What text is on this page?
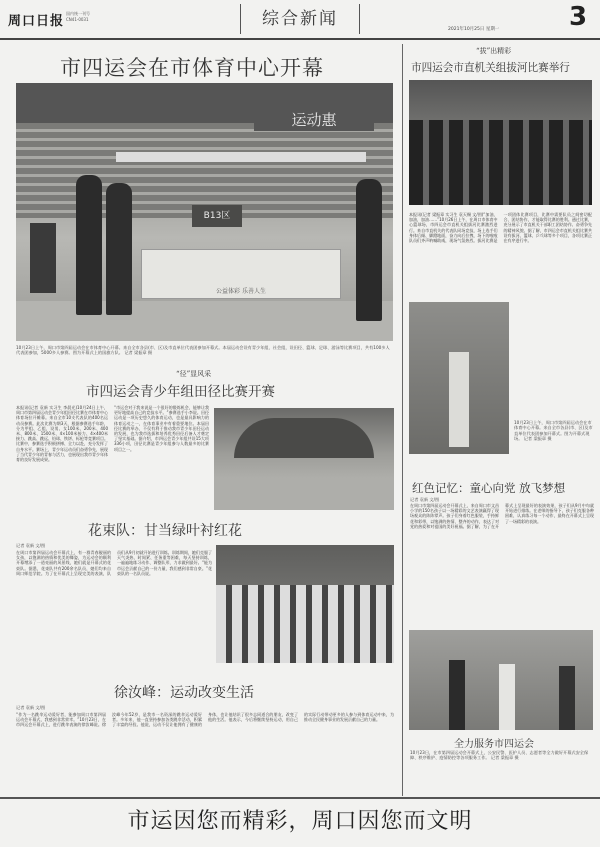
周口日报
国内统一刊号
CN41-0031	综合新闻
2021年10月25日 星期一	3
市四运会在市体育中心开幕
运动惠
B13区
公益体彩 乐善人生
10月23日上午，周口市第四届运动会在市体育中心开幕。来自全市各县(市、区)及市直单位代表团参加开幕式。本届运动会设有青少年组、社会组，设田径、篮球、足球、游泳等比赛项目，共有100多人代表团参加，5000多人参赛。图为开幕式上的国旗方队。 记者 梁振章 摄
“拔”出精彩
市四运会市直机关组拔河比赛举行
本报讯(记者 梁振章 实习生 袁天赐 文/图)“加油，加油，加油……”10月26日上午，在周口市体育中心篮球场，市四运会市直机关组拔河比赛激烈进行。来自市直机关的代表队同场竞技，场上选手们身体后倾、脚蹬地面，奋力向后拉拽，场下的啦啦队员们齐声呐喊助威，现场气氛热烈。拔河比赛是一项团体比赛项目，比赛中需要队员之间密切配合、团结协作，才能取得比赛的胜利。通过比赛，充分展示了市直机关干部职工团结协作、奋勇争先的精神风貌。据了解，市四运会市直机关组比赛共设有拔河、篮球、乒乓球等多个项目，各项比赛正在有序进行中。
10月23日上午，周口市第四届运动会在市体育中心开幕。来自全市各县(市、区)及市直单位代表团参加开幕式。图为开幕式现场。 记者 梁振章 摄
红色记忆：童心向党 放飞梦想
记者 袁新 文/图
在周口市第四届运动会开幕式上，来自周口市文昌小学的150名孩子以一场精彩的文艺表演赢得了现场观众的阵阵掌声。孩子们身着红色服装，手持鲜花和彩带，以饱满的热情、整齐的动作，表达了对党的热爱和对祖国的美好祝福。据了解，为了在开幕式上呈现最好的表演效果，孩子们从9月中旬就开始进行排练。在老师的指导下，孩子们克服各种困难，认真练习每一个动作，最终在开幕式上呈现了一场精彩的表演。
全力服务市四运会
10月23日，在市第四届运动会开幕式上，公安民警、医护人员、志愿者等全力做好开幕式安全保障、秩序维护、疫情防控等各项服务工作。 记者 梁振章 摄
“径”显风采
市四运会青少年组田径比赛开赛
本报讯(记者 袁新 实习生 李晨光)10月24日上午，周口市第四届运动会青少年组田径比赛在市体育中心体育场拉开帷幕。来自全市10支代表队的400名运动员参赛。此次比赛为期3天，根据参赛选手年龄，分为甲组、乙组，设男、女100米、200米、400米、800米、1500米、4×100米接力、4×400米接力、跳高、跳远、铅球、铁饼、标枪等竞赛项目。比赛中，参赛选手积极拼搏、全力以赴，充分发挥了自身水平。赛场上，青少年运动员们奋勇争先，展现了当代青少年的青春与活力，也展现出我市青少年体育的良好发展成果。
“市运会对于我来说是一个很好的锻炼机会，能够让我更好地提高自己的竞技水平。”参赛选手小李说。田径运动是一项历史悠久的体育运动，也是最具影响力的体育运动之一，在体育事业中有着重要地位。本届田径比赛的举办，不仅有利于推动我市青少年田径运动的发展，也为我市选拔和培养优秀田径后备人才奠定了坚实基础。据介绍，市四运会青少年组共设15大项336小项，田径比赛是青少年组参与人数最多的比赛项目之一。
花束队：甘当绿叶衬红花
记者 袁新 文/图
在周口市第四届运动会开幕式上，有一群青春靓丽的女孩，以饱满的热情和优美的舞姿，为运动会的顺利开幕增添了一道亮丽的风景线，她们就是开幕式的花束队。据悉，花束队共有200余名队员，她们均来自周口师范学院。为了在开幕式上呈现完美的表演，队员们从9月初就开始进行训练。训练期间，她们克服了天气炎热、时间紧、任务重等困难，每天坚持训练，一遍遍地练习动作、调整队形，力求做到最好。“能为市运会贡献自己的一份力量，我们感到非常自豪。”花束队的一名队员说。
徐汝峰：运动改变生活
记者 袁新 文/图
“作为一名跳伞运动爱好者，能参加周口市第四届运动会开幕式，我感到非常荣幸。”10月23日，在市四运会开幕式上，进行跳伞表演的徐汝峰说。徐汝峰今年52岁，是我市一名资深的跳伞运动爱好者。多年来，他一直坚持参加各类跳伞活动，积累了丰富的经验。他说，运动不仅让他拥有了健康的身体，也让他结识了很多志同道合的朋友，改变了他的生活。他表示，今后将继续坚持运动，用自己的实际行动带动更多的人参与到体育运动中来，为推动全民健身事业的发展贡献自己的力量。
市运因您而精彩，周口因您而文明
